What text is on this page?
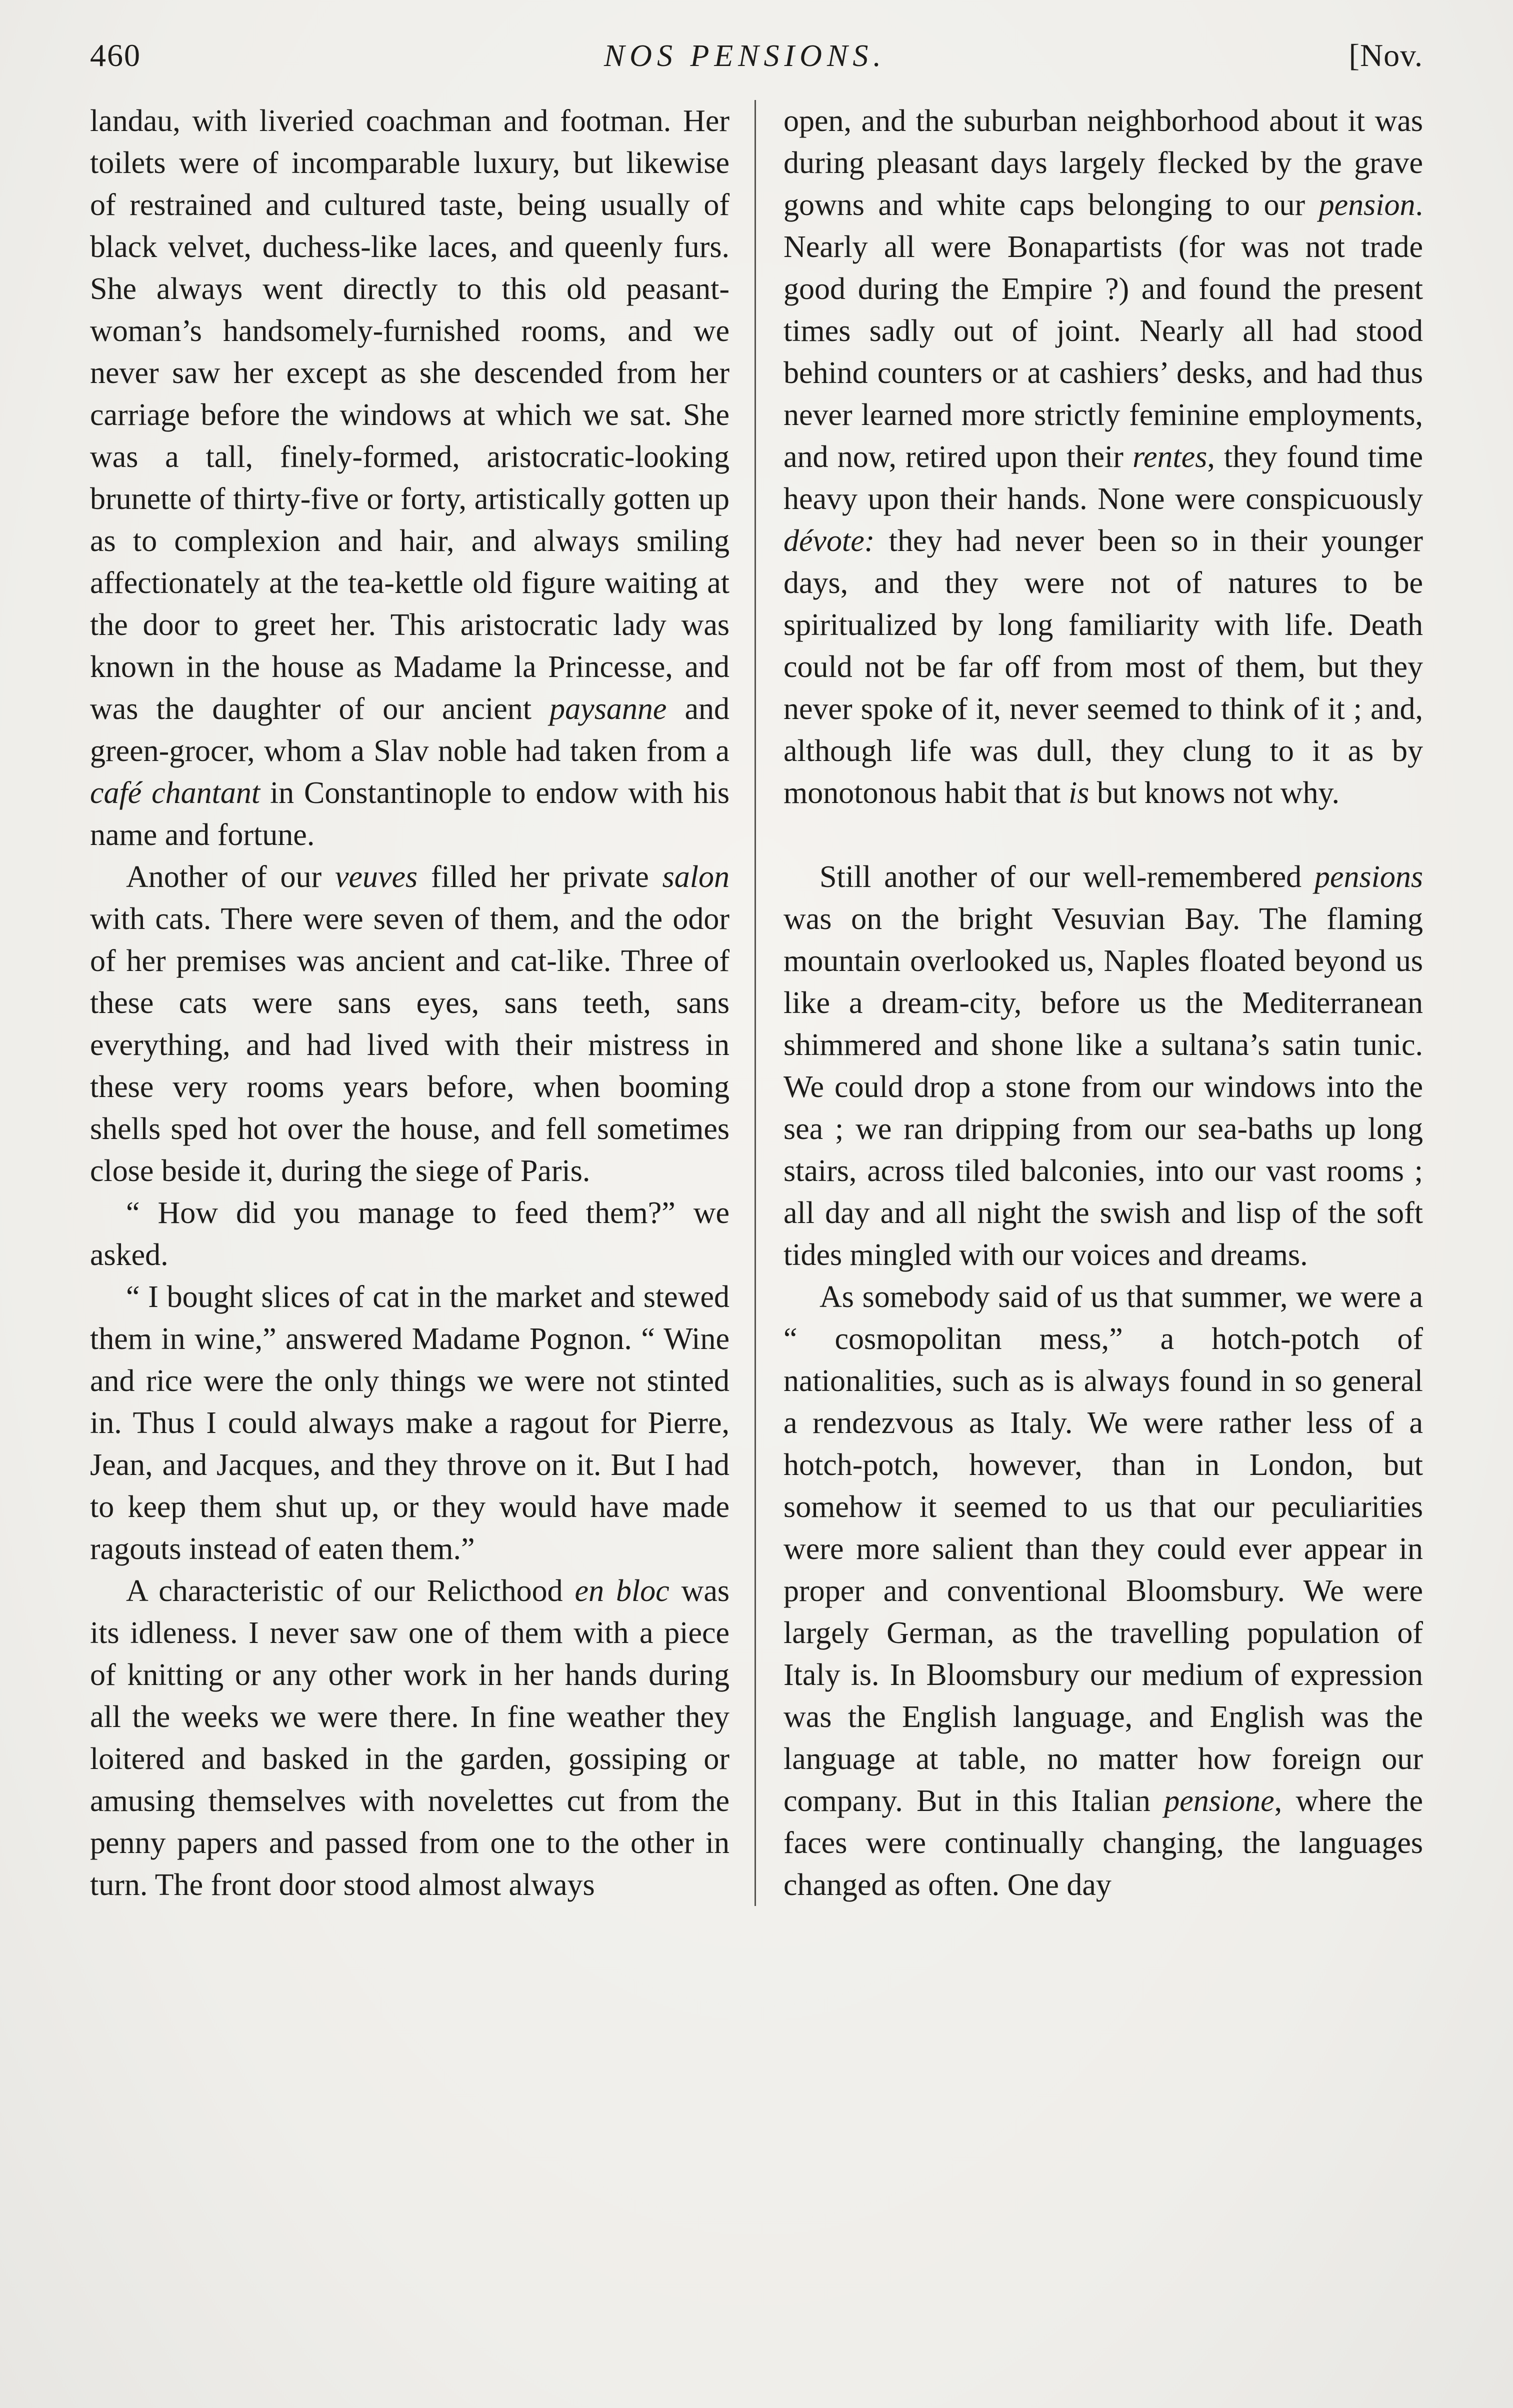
460	NOS PENSIONS.	[Nov.

landau, with liveried coachman and footman. Her toilets were of incomparable luxury, but likewise of restrained and cultured taste, being usually of black velvet, duchess-like laces, and queenly furs. She always went directly to this old peasant-woman’s handsomely-furnished rooms, and we never saw her except as she descended from her carriage before the windows at which we sat. She was a tall, finely-formed, aristocratic-looking brunette of thirty-five or forty, artistically gotten up as to complexion and hair, and always smiling affectionately at the tea-kettle old figure waiting at the door to greet her. This aristocratic lady was known in the house as Madame la Princesse, and was the daughter of our ancient paysanne and green-grocer, whom a Slav noble had taken from a café chantant in Constantinople to endow with his name and fortune.

Another of our veuves filled her private salon with cats. There were seven of them, and the odor of her premises was ancient and cat-like. Three of these cats were sans eyes, sans teeth, sans everything, and had lived with their mistress in these very rooms years before, when booming shells sped hot over the house, and fell sometimes close beside it, during the siege of Paris.

“ How did you manage to feed them?” we asked.

“ I bought slices of cat in the market and stewed them in wine,” answered Madame Pognon. “ Wine and rice were the only things we were not stinted in. Thus I could always make a ragout for Pierre, Jean, and Jacques, and they throve on it. But I had to keep them shut up, or they would have made ragouts instead of eaten them.”

A characteristic of our Relicthood en bloc was its idleness. I never saw one of them with a piece of knitting or any other work in her hands during all the weeks we were there. In fine weather they loitered and basked in the garden, gossiping or amusing themselves with novelettes cut from the penny papers and passed from one to the other in turn. The front door stood almost always

open, and the suburban neighborhood about it was during pleasant days largely flecked by the grave gowns and white caps belonging to our pension. Nearly all were Bonapartists (for was not trade good during the Empire ?) and found the present times sadly out of joint. Nearly all had stood behind counters or at cashiers’ desks, and had thus never learned more strictly feminine employments, and now, retired upon their rentes, they found time heavy upon their hands. None were conspicuously dévote: they had never been so in their younger days, and they were not of natures to be spiritualized by long familiarity with life. Death could not be far off from most of them, but they never spoke of it, never seemed to think of it ; and, although life was dull, they clung to it as by monotonous habit that is but knows not why.

Still another of our well-remembered pensions was on the bright Vesuvian Bay. The flaming mountain overlooked us, Naples floated beyond us like a dream-city, before us the Mediterranean shimmered and shone like a sultana’s satin tunic. We could drop a stone from our windows into the sea ; we ran dripping from our sea-baths up long stairs, across tiled balconies, into our vast rooms ; all day and all night the swish and lisp of the soft tides mingled with our voices and dreams.

As somebody said of us that summer, we were a “ cosmopolitan mess,” a hotch-potch of nationalities, such as is always found in so general a rendezvous as Italy. We were rather less of a hotch-potch, however, than in London, but somehow it seemed to us that our peculiarities were more salient than they could ever appear in proper and conventional Bloomsbury. We were largely German, as the travelling population of Italy is. In Bloomsbury our medium of expression was the English language, and English was the language at table, no matter how foreign our company. But in this Italian pensione, where the faces were continually changing, the languages changed as often. One day
